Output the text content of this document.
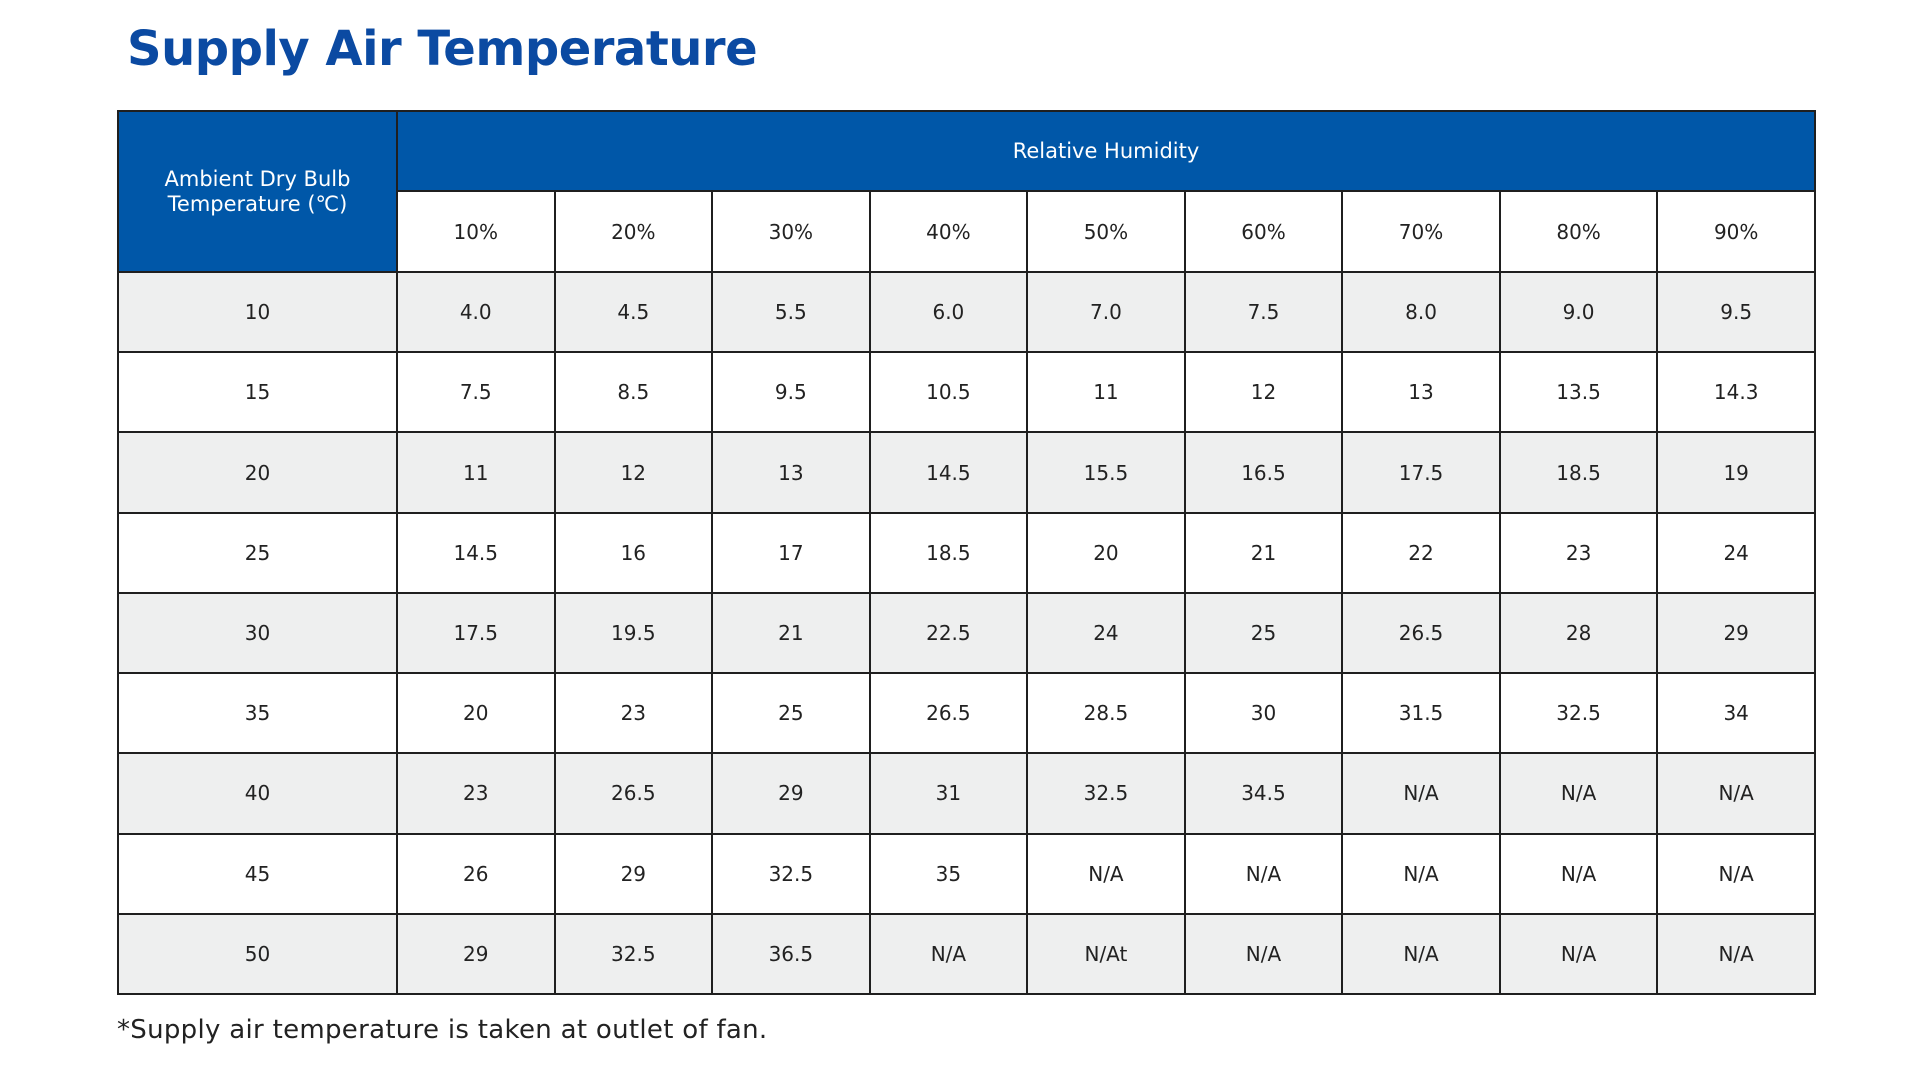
Supply Air Temperature
Ambient Dry Bulb Temperature (℃)	Relative Humidity								
	10%	20%	30%	40%	50%	60%	70%	80%	90%
10	4.0	4.5	5.5	6.0	7.0	7.5	8.0	9.0	9.5
15	7.5	8.5	9.5	10.5	11	12	13	13.5	14.3
20	11	12	13	14.5	15.5	16.5	17.5	18.5	19
25	14.5	16	17	18.5	20	21	22	23	24
30	17.5	19.5	21	22.5	24	25	26.5	28	29
35	20	23	25	26.5	28.5	30	31.5	32.5	34
40	23	26.5	29	31	32.5	34.5	N/A	N/A	N/A
45	26	29	32.5	35	N/A	N/A	N/A	N/A	N/A
50	29	32.5	36.5	N/A	N/At	N/A	N/A	N/A	N/A

*Supply air temperature is taken at outlet of fan.
